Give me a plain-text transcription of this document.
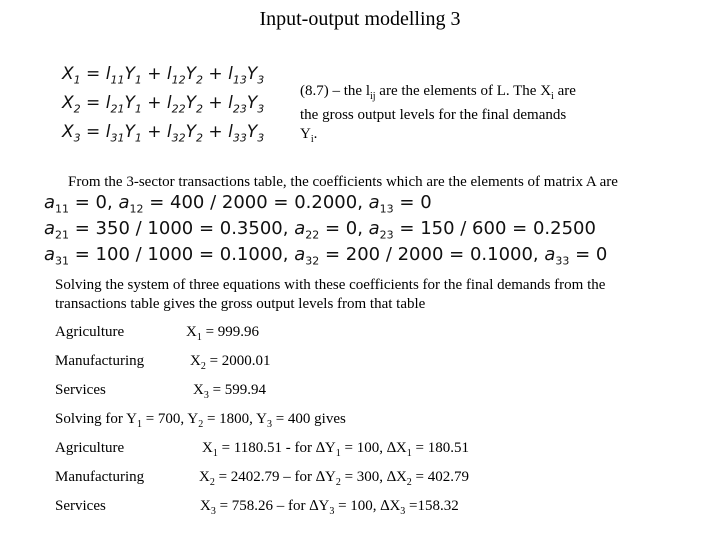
Input-output modelling 3
$X_1 = l_{11}Y_1 + l_{12}Y_2 + l_{13}Y_3$
$X_2 = l_{21}Y_1 + l_{22}Y_2 + l_{23}Y_3$
$X_3 = l_{31}Y_1 + l_{32}Y_2 + l_{33}Y_3$
(8.7) – the $l_{ij}$ are the elements of L. The $X_i$ are the gross output levels for the final demands $Y_i$.
From the 3-sector transactions table, the coefficients which are the elements of matrix A are
$a_{11} = 0$, $a_{12} = 400 / 2000 = 0.2000$, $a_{13} = 0$
$a_{21} = 350 / 1000 = 0.3500$, $a_{22} = 0$, $a_{23} = 150 / 600 = 0.2500$
$a_{31} = 100 / 1000 = 0.1000$, $a_{32} = 200 / 2000 = 0.1000$, $a_{33} = 0$
Solving the system of three equations with these coefficients for the final demands from the transactions table gives the gross output levels from that table
Agriculture	$X_1 = 999.96$
Manufacturing	$X_2 = 2000.01$
Services	$X_3 = 599.94$
Solving for $Y_1 = 700$, $Y_2 = 1800$, $Y_3 = 400$ gives
Agriculture	$X_1 = 1180.51$ - for $\Delta Y_1 = 100$, $\Delta X_1 = 180.51$
Manufacturing	$X_2 = 2402.79$ – for $\Delta Y_2 = 300$, $\Delta X_2 = 402.79$
Services	$X_3 = 758.26$ – for $\Delta Y_3 = 100$, $\Delta X_3 =158.32$
